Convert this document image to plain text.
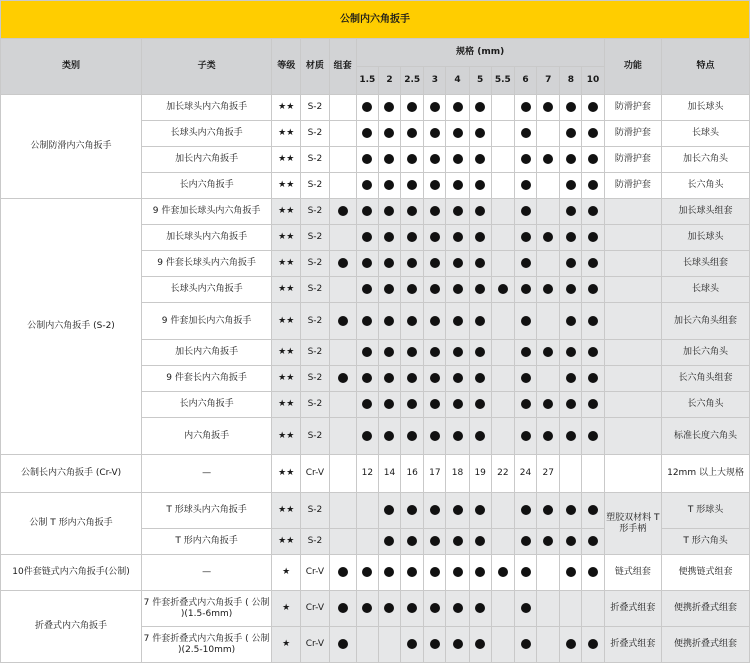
公制内六角扳手																	
类别	子类	等级	材质	组套	规格 (mm)											功能	特点
					1.5	2	2.5	3	4	5	5.5	6	7	8	10		
公制防滑内六角扳手	加长球头内六角扳手	★★	S-2													防滑护套	加长球头
	长球头内六角扳手	★★	S-2													防滑护套	长球头
	加长内六角扳手	★★	S-2													防滑护套	加长六角头
	长内六角扳手	★★	S-2													防滑护套	长六角头
公制内六角扳手 (S-2)	9 件套加长球头内六角扳手	★★	S-2														加长球头组套
	加长球头内六角扳手	★★	S-2														加长球头
	9 件套长球头内六角扳手	★★	S-2														长球头组套
	长球头内六角扳手	★★	S-2														长球头
	9 件套加长内六角扳手	★★	S-2														加长六角头组套
	加长内六角扳手	★★	S-2														加长六角头
	9 件套长内六角扳手	★★	S-2														长六角头组套
	长内六角扳手	★★	S-2														长六角头
	内六角扳手	★★	S-2														标准长度六角头
公制长内六角扳手 (Cr-V)	—	★★	Cr-V		12	14	16	17	18	19	22	24	27				12mm 以上大规格
公制 T 形内六角扳手	T 形球头内六角扳手	★★	S-2													塑胶双材料 T 形手柄	T 形球头
	T 形内六角扳手	★★	S-2														T 形六角头
10件套链式内六角扳手(公制)	—	★	Cr-V													链式组套	便携链式组套
折叠式内六角扳手	7 件套折叠式内六角扳手 ( 公制 )(1.5-6mm)	★	Cr-V													折叠式组套	便携折叠式组套
	7 件套折叠式内六角扳手 ( 公制 )(2.5-10mm)	★	Cr-V													折叠式组套	便携折叠式组套
